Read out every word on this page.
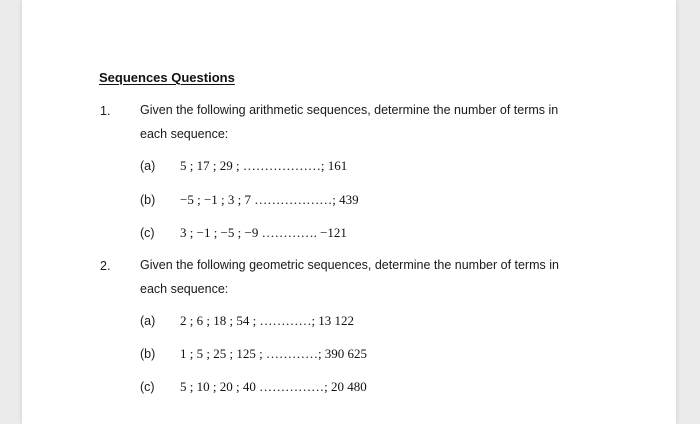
Sequences Questions
1. Given the following arithmetic sequences, determine the number of terms in
each sequence:
(a) 5 ; 17 ; 29 ; ………………; 161
(b) −5 ; −1 ; 3 ; 7 ………………; 439
(c) 3 ; −1 ; −5 ; −9 …………. −121
2. Given the following geometric sequences, determine the number of terms in
each sequence:
(a) 2 ; 6 ; 18 ; 54 ; …………; 13 122
(b) 1 ; 5 ; 25 ; 125 ; …………; 390 625
(c) 5 ; 10 ; 20 ; 40 ……………; 20 480
